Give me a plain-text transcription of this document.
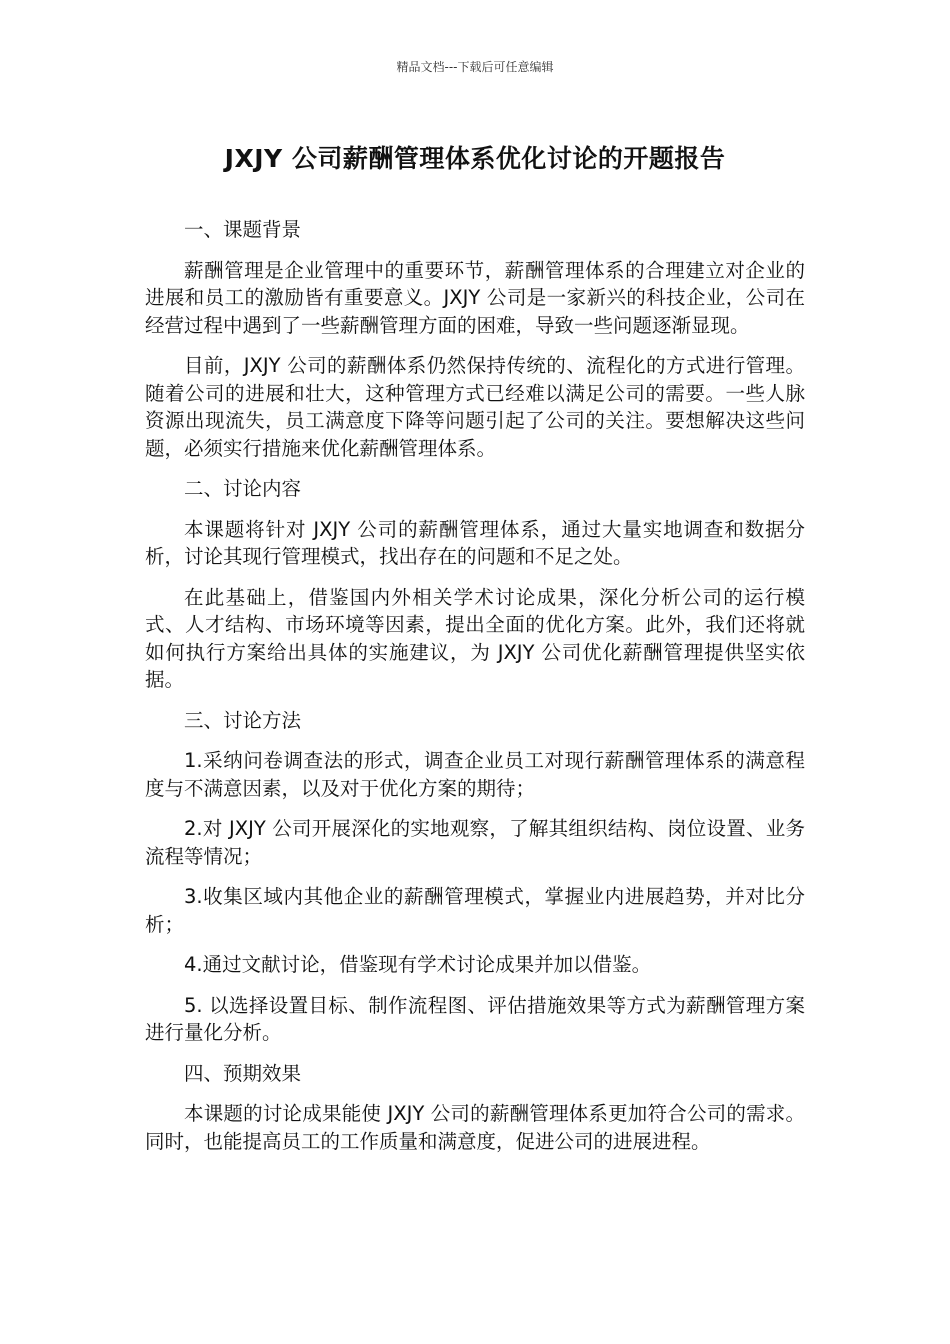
精品文档---下载后可任意编辑
JXJY 公司薪酬管理体系优化讨论的开题报告

一、课题背景

薪酬管理是企业管理中的重要环节，薪酬管理体系的合理建立对企业的进展和员工的激励皆有重要意义。JXJY 公司是一家新兴的科技企业，公司在经营过程中遇到了一些薪酬管理方面的困难，导致一些问题逐渐显现。

目前，JXJY 公司的薪酬体系仍然保持传统的、流程化的方式进行管理。随着公司的进展和壮大，这种管理方式已经难以满足公司的需要。一些人脉资源出现流失，员工满意度下降等问题引起了公司的关注。要想解决这些问题，必须实行措施来优化薪酬管理体系。

二、讨论内容

本课题将针对 JXJY 公司的薪酬管理体系，通过大量实地调查和数据分析，讨论其现行管理模式，找出存在的问题和不足之处。

在此基础上，借鉴国内外相关学术讨论成果，深化分析公司的运行模式、人才结构、市场环境等因素，提出全面的优化方案。此外，我们还将就如何执行方案给出具体的实施建议，为 JXJY 公司优化薪酬管理提供坚实依据。

三、讨论方法

1.采纳问卷调查法的形式，调查企业员工对现行薪酬管理体系的满意程度与不满意因素，以及对于优化方案的期待；

2.对 JXJY 公司开展深化的实地观察，了解其组织结构、岗位设置、业务流程等情况；

3.收集区域内其他企业的薪酬管理模式，掌握业内进展趋势，并对比分析；

4.通过文献讨论，借鉴现有学术讨论成果并加以借鉴。

5. 以选择设置目标、制作流程图、评估措施效果等方式为薪酬管理方案进行量化分析。

四、预期效果

本课题的讨论成果能使 JXJY 公司的薪酬管理体系更加符合公司的需求。同时，也能提高员工的工作质量和满意度，促进公司的进展进程。
